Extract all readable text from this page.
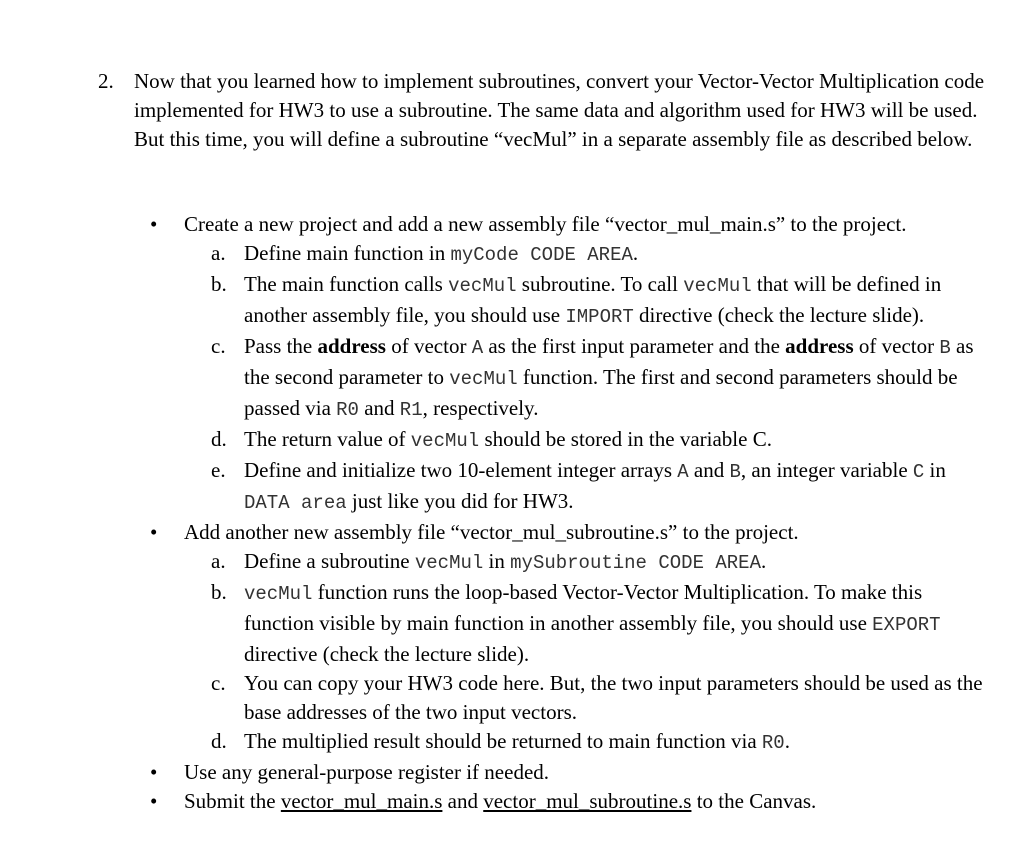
2. Now that you learned how to implement subroutines, convert your Vector-Vector Multiplication code implemented for HW3 to use a subroutine. The same data and algorithm used for HW3 will be used. But this time, you will define a subroutine “vecMul” in a separate assembly file as described below.

• Create a new project and add a new assembly file “vector_mul_main.s” to the project.
a. Define main function in myCode CODE AREA.
b. The main function calls vecMul subroutine. To call vecMul that will be defined in another assembly file, you should use IMPORT directive (check the lecture slide).
c. Pass the address of vector A as the first input parameter and the address of vector B as the second parameter to vecMul function. The first and second parameters should be passed via R0 and R1, respectively.
d. The return value of vecMul should be stored in the variable C.
e. Define and initialize two 10-element integer arrays A and B, an integer variable C in DATA area just like you did for HW3.
• Add another new assembly file “vector_mul_subroutine.s” to the project.
a. Define a subroutine vecMul in mySubroutine CODE AREA.
b. vecMul function runs the loop-based Vector-Vector Multiplication. To make this function visible by main function in another assembly file, you should use EXPORT directive (check the lecture slide).
c. You can copy your HW3 code here. But, the two input parameters should be used as the base addresses of the two input vectors.
d. The multiplied result should be returned to main function via R0.
• Use any general-purpose register if needed.
• Submit the vector_mul_main.s and vector_mul_subroutine.s to the Canvas.
